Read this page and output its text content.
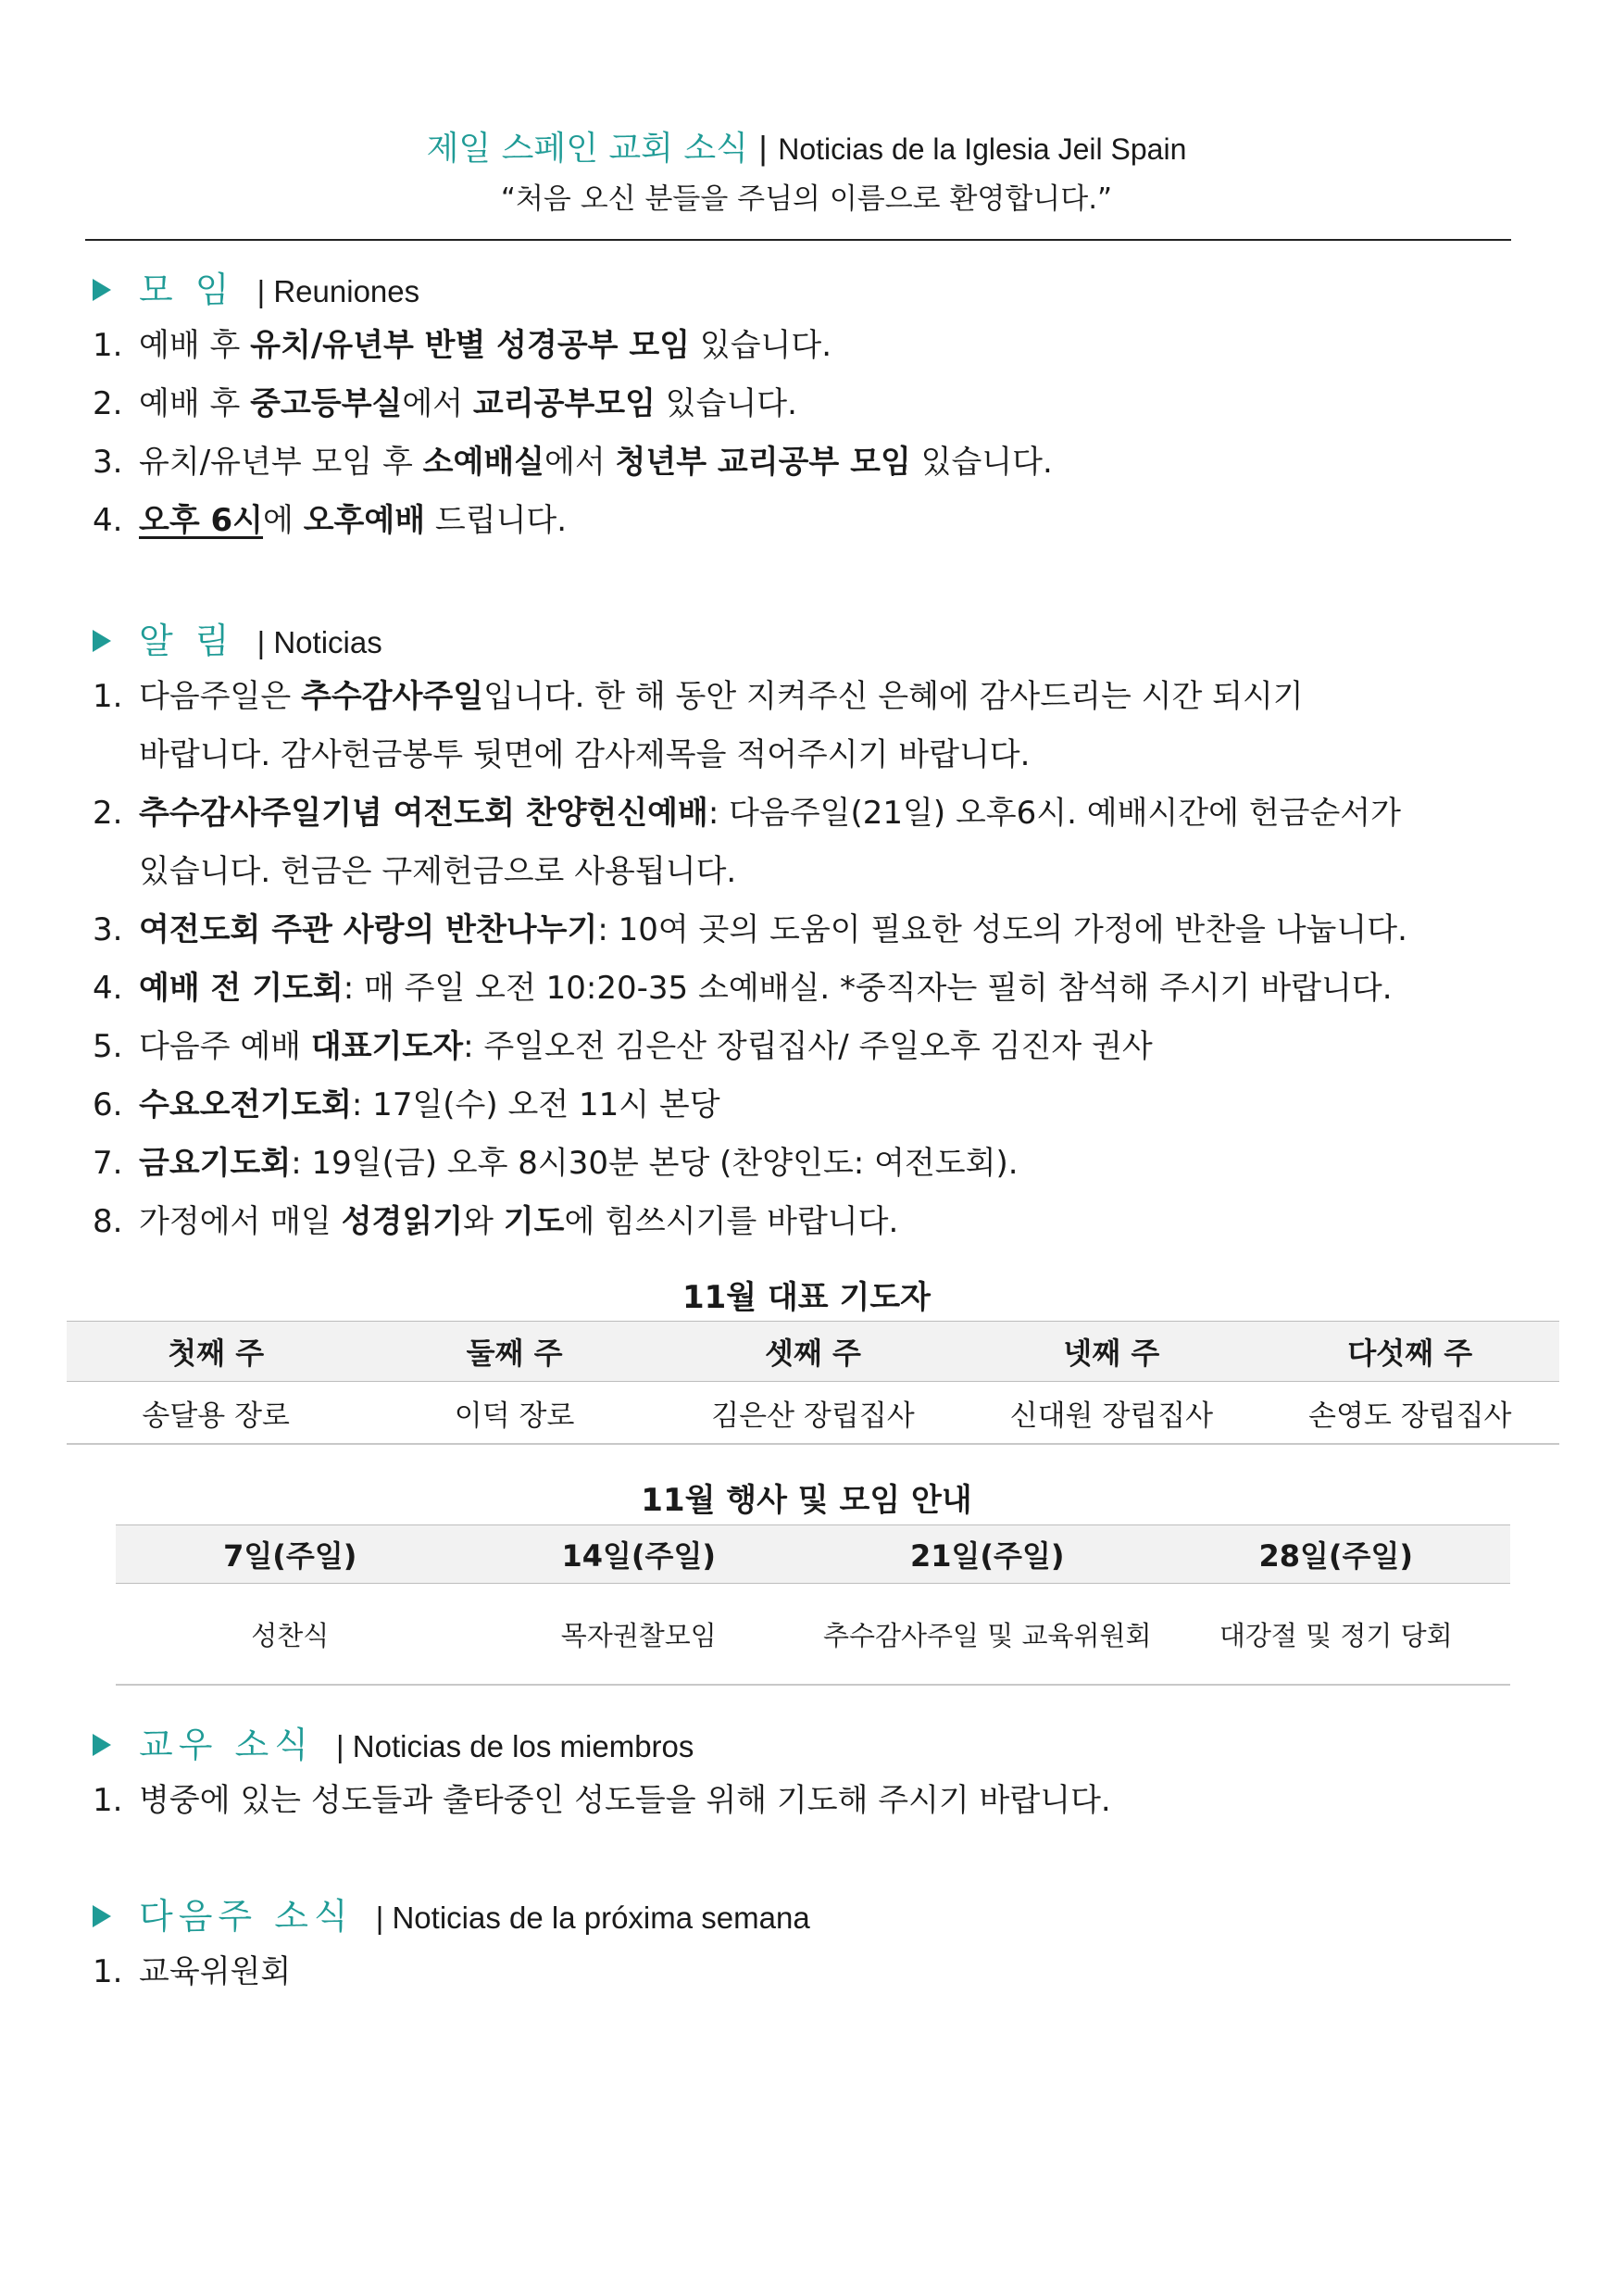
제일 스페인 교회 소식 | Noticias de la Iglesia Jeil Spain
“처음 오신 분들을 주님의 이름으로 환영합니다.”
모 임 | Reuniones
1. 예배 후 유치/유년부 반별 성경공부 모임 있습니다.
2. 예배 후 중고등부실에서 교리공부모임 있습니다.
3. 유치/유년부 모임 후 소예배실에서 청년부 교리공부 모임 있습니다.
4. 오후 6시에 오후예배 드립니다.
알 림 | Noticias
1. 다음주일은 추수감사주일입니다. 한 해 동안 지켜주신 은혜에 감사드리는 시간 되시기
바랍니다. 감사헌금봉투 뒷면에 감사제목을 적어주시기 바랍니다.
2. 추수감사주일기념 여전도회 찬양헌신예배: 다음주일(21일) 오후6시. 예배시간에 헌금순서가
있습니다. 헌금은 구제헌금으로 사용됩니다.
3. 여전도회 주관 사랑의 반찬나누기: 10여 곳의 도움이 필요한 성도의 가정에 반찬을 나눕니다.
4. 예배 전 기도회: 매 주일 오전 10:20-35 소예배실. *중직자는 필히 참석해 주시기 바랍니다.
5. 다음주 예배 대표기도자: 주일오전 김은산 장립집사/ 주일오후 김진자 권사
6. 수요오전기도회: 17일(수) 오전 11시 본당
7. 금요기도회: 19일(금) 오후 8시30분 본당 (찬양인도: 여전도회).
8. 가정에서 매일 성경읽기와 기도에 힘쓰시기를 바랍니다.
11월 대표 기도자
첫째 주	둘째 주	셋째 주	넷째 주	다섯째 주
송달용 장로	이덕 장로	김은산 장립집사	신대원 장립집사	손영도 장립집사
11월 행사 및 모임 안내
7일(주일)	14일(주일)	21일(주일)	28일(주일)
성찬식	목자권찰모임	추수감사주일 및 교육위원회	대강절 및 정기 당회
교우 소식 | Noticias de los miembros
1. 병중에 있는 성도들과 출타중인 성도들을 위해 기도해 주시기 바랍니다.
다음주 소식 | Noticias de la próxima semana
1. 교육위원회
